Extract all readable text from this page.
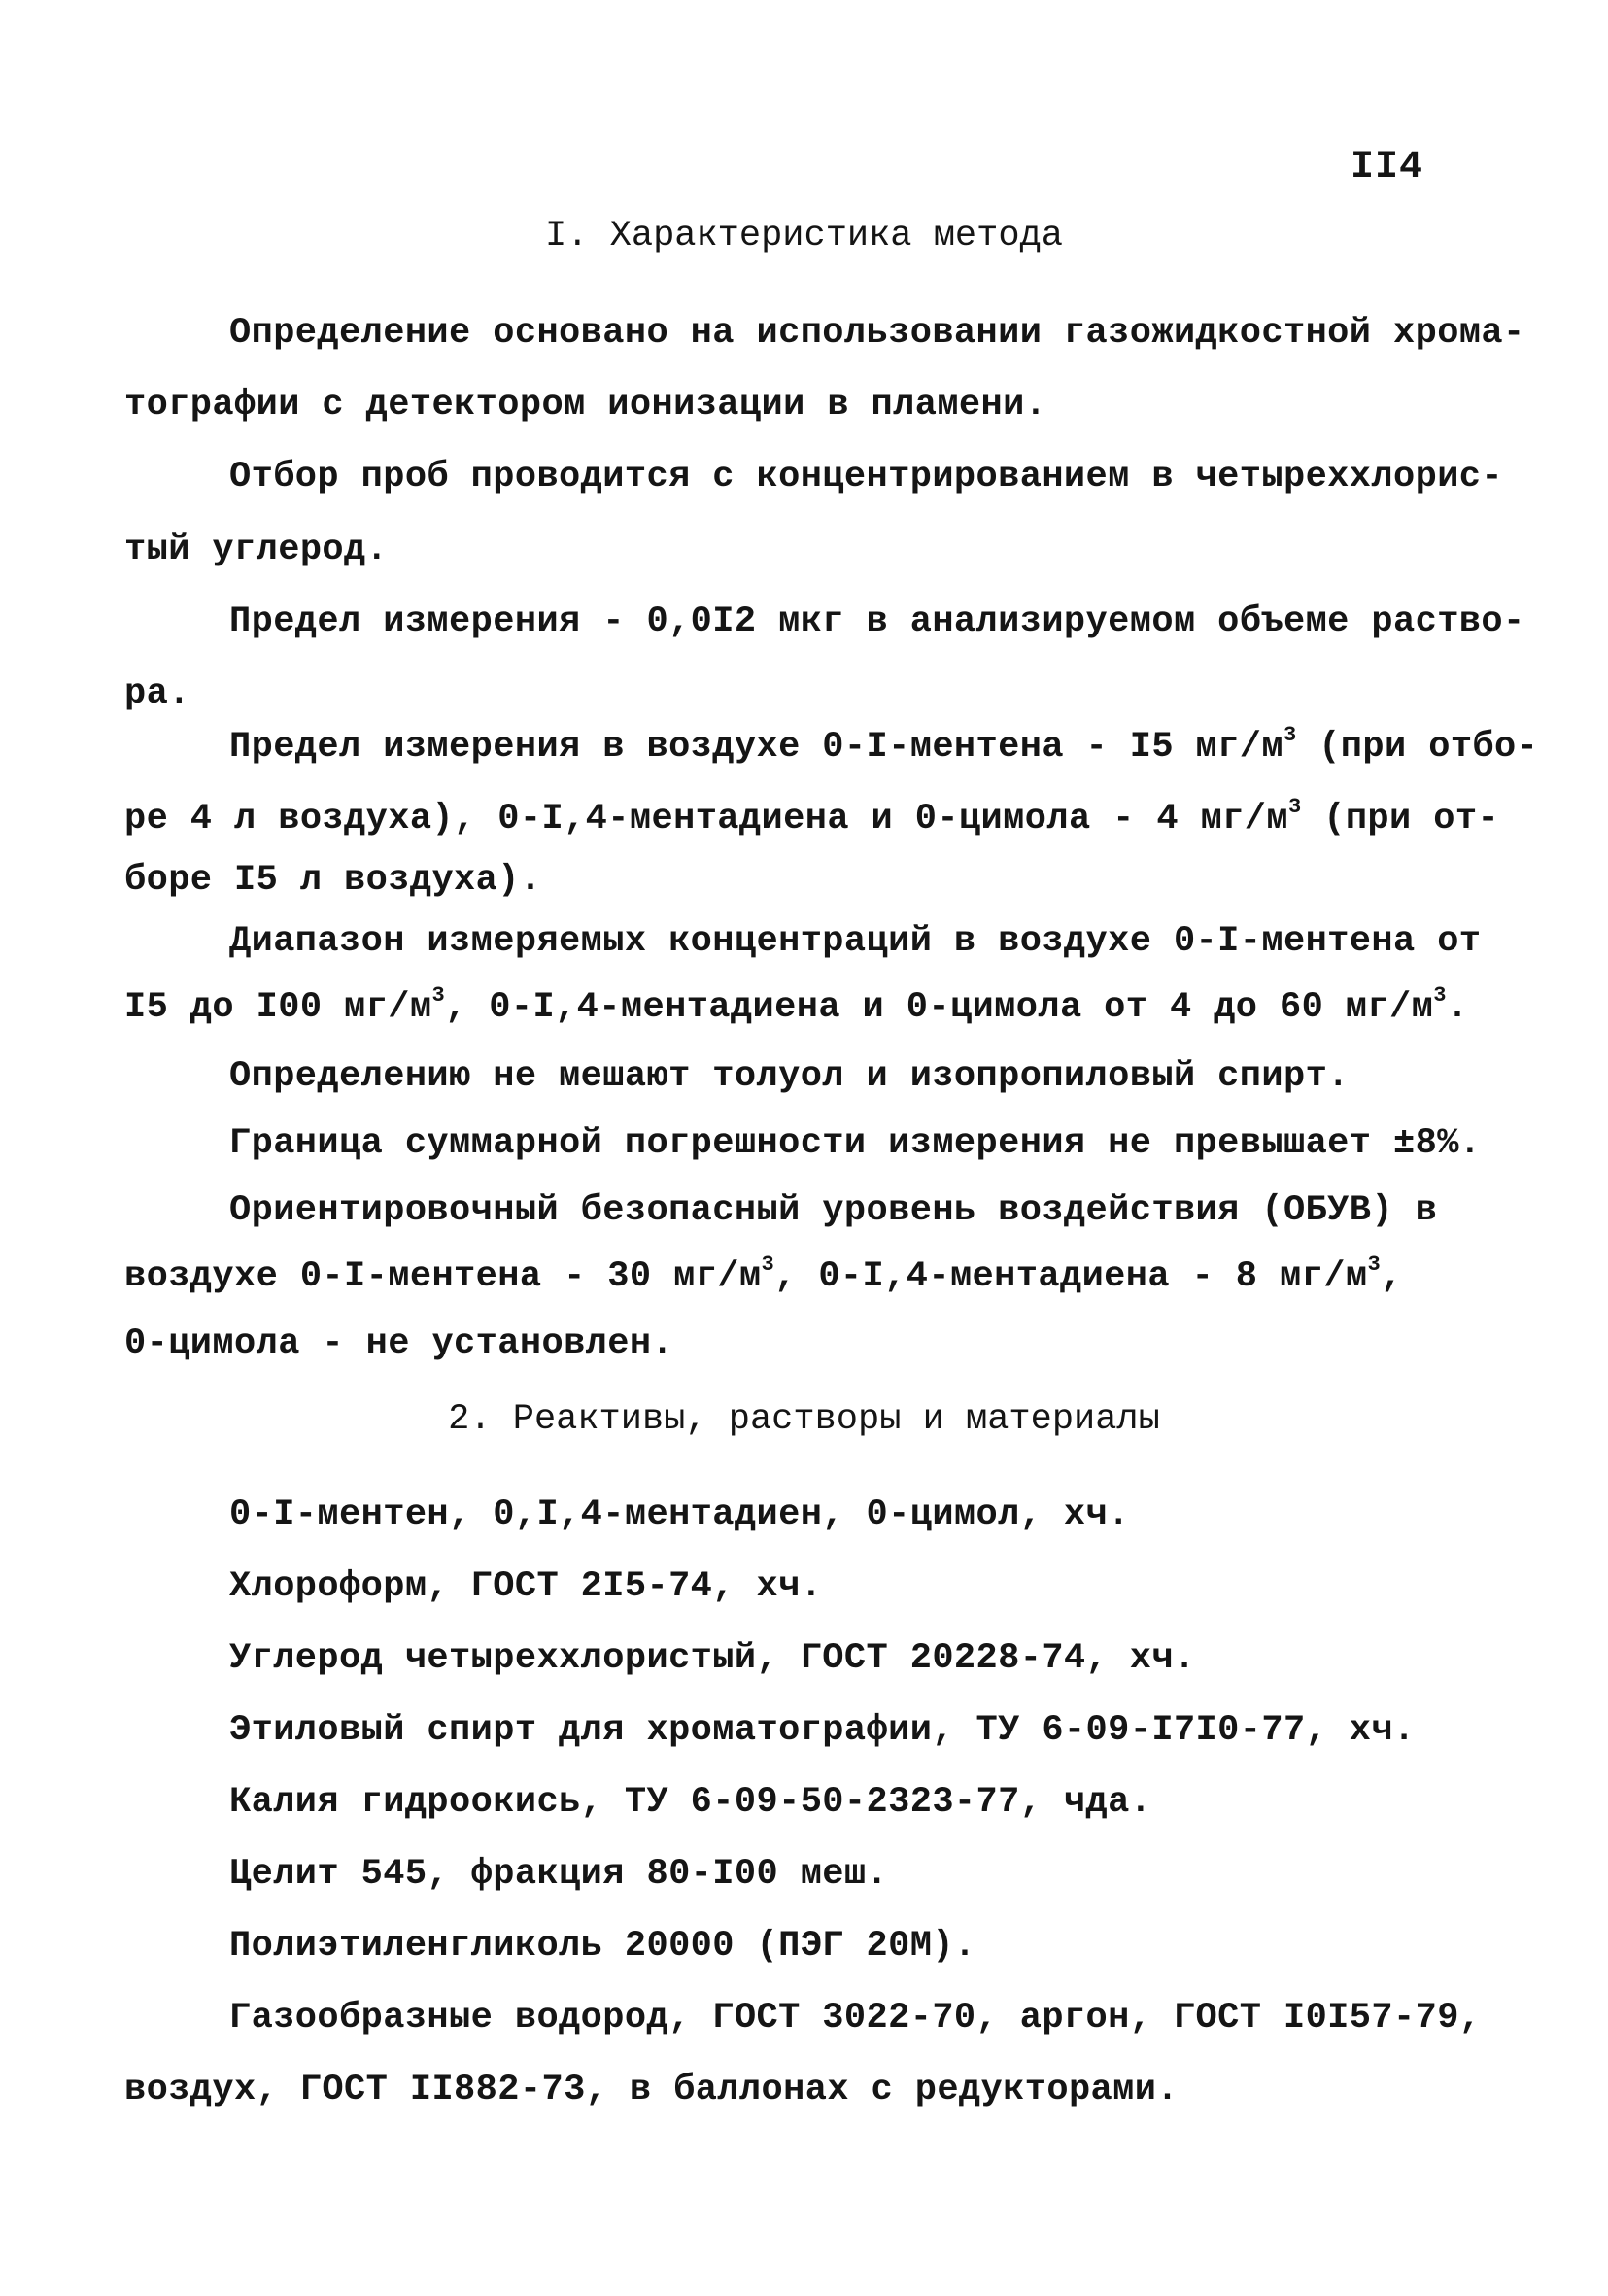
II4
I. Характеристика метода
Определение основано на использовании газожидкостной хрома-
тографии с детектором ионизации в пламени.
Отбор проб проводится с концентрированием в четыреххлорис-
тый углерод.
Предел измерения - 0,0I2 мкг в анализируемом объеме раство-
ра.
Предел измерения в воздухе 0-I-ментена - I5 $мг/м^3$ (при отбо-
ре 4 л воздуха), 0-I,4-ментадиена и 0-цимола - 4 $мг/м^3$ (при от-
боре I5 л воздуха).
Диапазон измеряемых концентраций в воздухе 0-I-ментена от
I5 до I00 $мг/м^3$, 0-I,4-ментадиена и 0-цимола от 4 до 60 $мг/м^3$.
Определению не мешают толуол и изопропиловый спирт.
Граница суммарной погрешности измерения не превышает ±8%.
Ориентировочный безопасный уровень воздействия (ОБУВ) в
воздухе 0-I-ментена - 30 $мг/м^3$, 0-I,4-ментадиена - 8 $мг/м^3$,
0-цимола - не установлен.
2. Реактивы, растворы и материалы
0-I-ментен, 0,I,4-ментадиен, 0-цимол, хч.
Хлороформ, ГОСТ 2I5-74, хч.
Углерод четыреххлористый, ГОСТ 20228-74, хч.
Этиловый спирт для хроматографии, ТУ 6-09-I7I0-77, хч.
Калия гидроокись, ТУ 6-09-50-2323-77, чда.
Целит 545, фракция 80-I00 меш.
Полиэтиленгликоль 20000 (ПЭГ 20М).
Газообразные водород, ГОСТ 3022-70, аргон, ГОСТ I0I57-79,
воздух, ГОСТ II882-73, в баллонах с редукторами.
